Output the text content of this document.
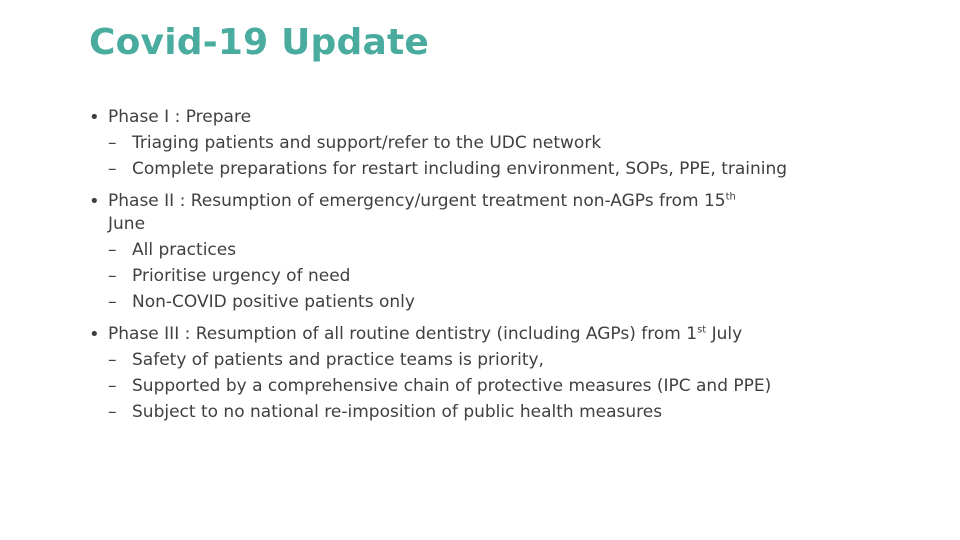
Covid-19 Update
• Phase I : Prepare
– Triaging patients and support/refer to the UDC network
– Complete preparations for restart including environment, SOPs, PPE, training
• Phase II : Resumption of emergency/urgent treatment non-AGPs from 15th
June
– All practices
– Prioritise urgency of need
– Non-COVID positive patients only
• Phase III : Resumption of all routine dentistry (including AGPs) from 1st July
– Safety of patients and practice teams is priority,
– Supported by a comprehensive chain of protective measures (IPC and PPE)
– Subject to no national re-imposition of public health measures
